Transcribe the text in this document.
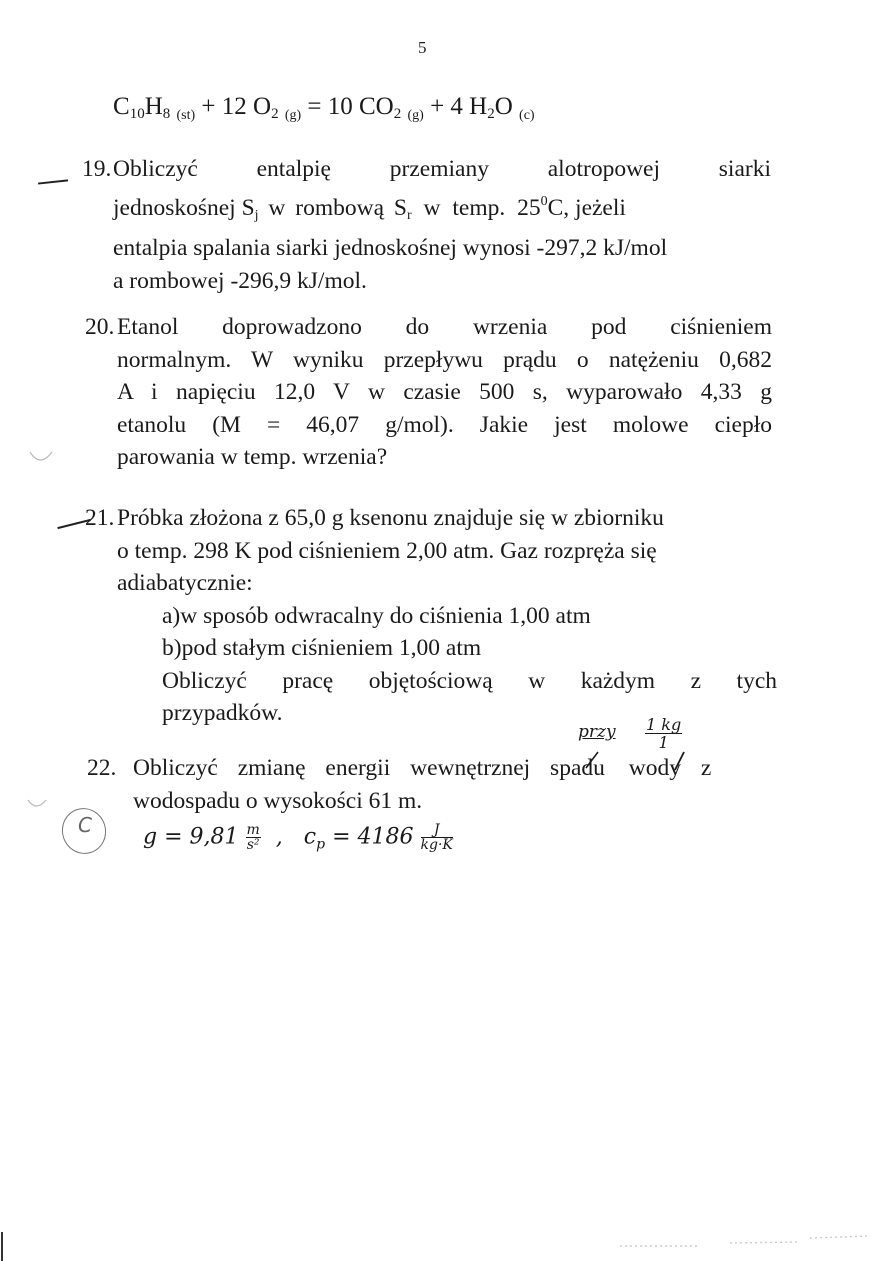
5
$C_{10}H_8$ $_{(st)}$ + 12 $O_2$ $_{(g)}$ = 10 $CO_2$ $_{(g)}$ + 4 $H_2O$ $_{(c)}$
19. Obliczyć entalpię przemiany alotropowej siarki
jednoskośnej Sj w rombową Sr w temp. $25^0C$, jeżeli
entalpia spalania siarki jednoskośnej wynosi -297,2 kJ/mol
a rombowej -296,9 kJ/mol.
20. Etanol doprowadzono do wrzenia pod ciśnieniem
normalnym. W wyniku przepływu prądu o natężeniu 0,682
A i napięciu 12,0 V w czasie 500 s, wyparowało 4,33 g
etanolu (M = 46,07 g/mol). Jakie jest molowe ciepło
parowania w temp. wrzenia?
21. Próbka złożona z 65,0 g ksenonu znajduje się w zbiorniku
o temp. 298 K pod ciśnieniem 2,00 atm. Gaz rozpręża się
adiabatycznie:
a)w sposób odwracalny do ciśnienia 1,00 atm
b)pod stałym ciśnieniem 1,00 atm
Obliczyć pracę objętościową w każdym z tych
przypadków.
22. Obliczyć zmianę energii wewnętrznej spadu wody z
wodospadu o wysokości 61 m.
przy $\frac{1 kg}{1}$
C $g = 9,81 \frac{m}{\text{s²}}$ , $c_p = 4186 \frac{J}{kg\cdot K}$
